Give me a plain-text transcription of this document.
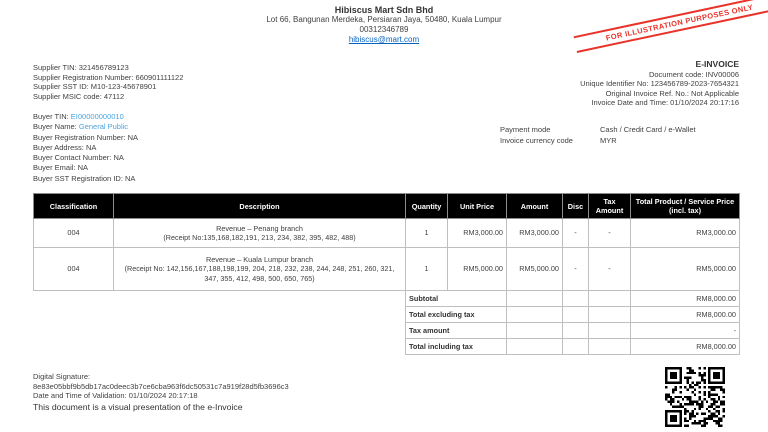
Hibiscus Mart Sdn Bhd
Lot 66, Bangunan Merdeka, Persiaran Jaya, 50480, Kuala Lumpur
00312346789
hibiscus@mart.com	FOR ILLUSTRATION PURPOSES ONLY
Supplier TIN: 321456789123
Supplier Registration Number: 660901111122
Supplier SST ID: M10-123-45678901
Supplier MSIC code: 47112
E-INVOICE
Document code: INV00006
Unique Identifier No: 123456789-2023-7654321
Original Invoice Ref. No.: Not Applicable
Invoice Date and Time: 01/10/2024 20:17:16
Buyer TIN: EI00000000010
Buyer Name: General Public
Buyer Registration Number: NA
Buyer Address: NA
Buyer Contact Number: NA
Buyer Email: NA
Buyer SST Registration ID: NA
Payment mode	Cash / Credit Card / e-Wallet
Invoice currency code	MYR
Classification	Description	Quantity	Unit Price	Amount	Disc	Tax Amount	Total Product / Service Price (incl. tax)
004	Revenue – Penang branch
(Receipt No:135,168,182,191, 213, 234, 382, 395, 482, 488)	1	RM3,000.00	RM3,000.00	-	-	RM3,000.00
004	Revenue – Kuala Lumpur branch
(Receipt No: 142,156,167,188,198,199, 204, 218, 232, 238, 244, 248, 251, 260, 321, 347, 355, 412, 498, 500, 650, 765)	1	RM5,000.00	RM5,000.00	-	-	RM5,000.00
		Subtotal					RM8,000.00
		Total excluding tax					RM8,000.00
		Tax amount					-
		Total including tax					RM8,000.00
Digital Signature:
8e83e05bbf9b5db17ac0deec3b7ce6cba963f6dc50531c7a919f28d5fb3696c3
Date and Time of Validation: 01/10/2024 20:17:18
This document is a visual presentation of the e-Invoice
